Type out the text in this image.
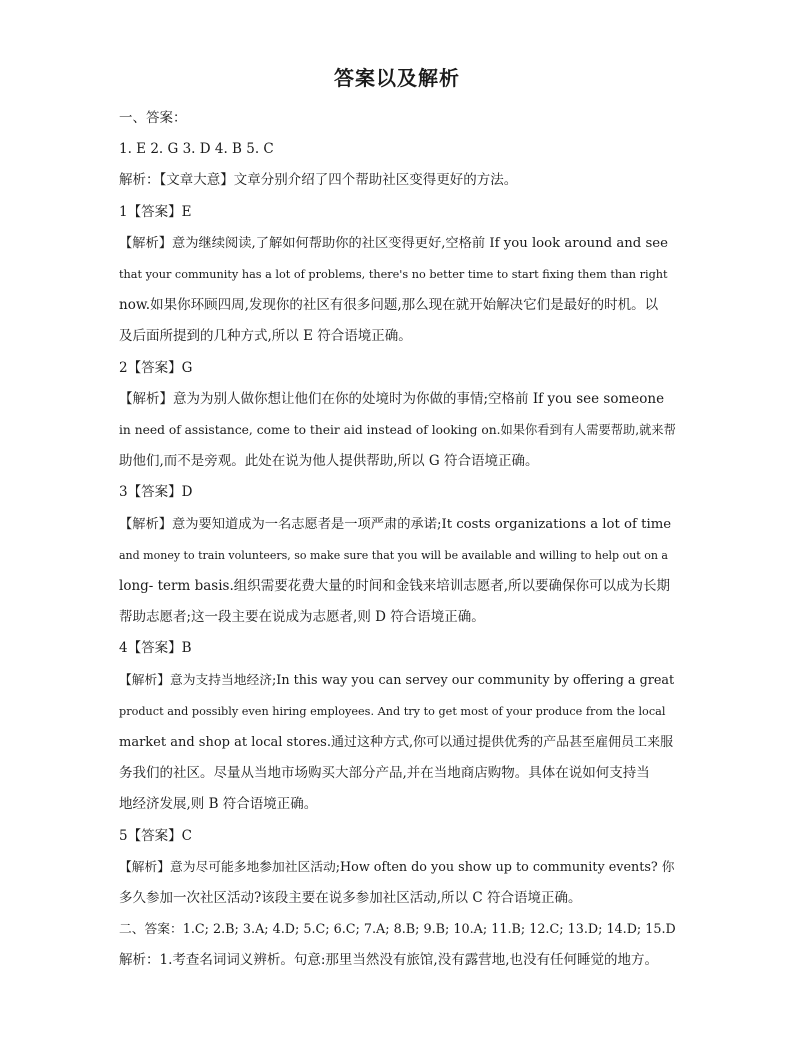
答案以及解析
一、答案：
1. E 2. G 3. D 4. B 5. C
解析：【文章大意】文章分别介绍了四个帮助社区变得更好的方法。
1【答案】E
【解析】意为继续阅读,了解如何帮助你的社区变得更好,空格前 If you look around and see
that your community has a lot of problems, there's no better time to start fixing them than right
now.如果你环顾四周,发现你的社区有很多问题,那么现在就开始解决它们是最好的时机。以
及后面所提到的几种方式,所以 E 符合语境正确。
2【答案】G
【解析】意为为别人做你想让他们在你的处境时为你做的事情;空格前 If you see someone
in need of assistance, come to their aid instead of looking on.如果你看到有人需要帮助,就来帮
助他们,而不是旁观。此处在说为他人提供帮助,所以 G 符合语境正确。
3【答案】D
【解析】意为要知道成为一名志愿者是一项严肃的承诺;It costs organizations a lot of time
and money to train volunteers, so make sure that you will be available and willing to help out on a
long- term basis.组织需要花费大量的时间和金钱来培训志愿者,所以要确保你可以成为长期
帮助志愿者;这一段主要在说成为志愿者,则 D 符合语境正确。
4【答案】B
【解析】意为支持当地经济;In this way you can servey our community by offering a great
product and possibly even hiring employees. And try to get most of your produce from the local
market and shop at local stores.通过这种方式,你可以通过提供优秀的产品甚至雇佣员工来服
务我们的社区。尽量从当地市场购买大部分产品,并在当地商店购物。具体在说如何支持当
地经济发展,则 B 符合语境正确。
5【答案】C
【解析】意为尽可能多地参加社区活动;How often do you show up to community events? 你
多久参加一次社区活动?该段主要在说多参加社区活动,所以 C 符合语境正确。
二、答案：1.C; 2.B; 3.A; 4.D; 5.C; 6.C; 7.A; 8.B; 9.B; 10.A; 11.B; 12.C; 13.D; 14.D; 15.D
解析：1.考查名词词义辨析。句意:那里当然没有旅馆,没有露营地,也没有任何睡觉的地方。
